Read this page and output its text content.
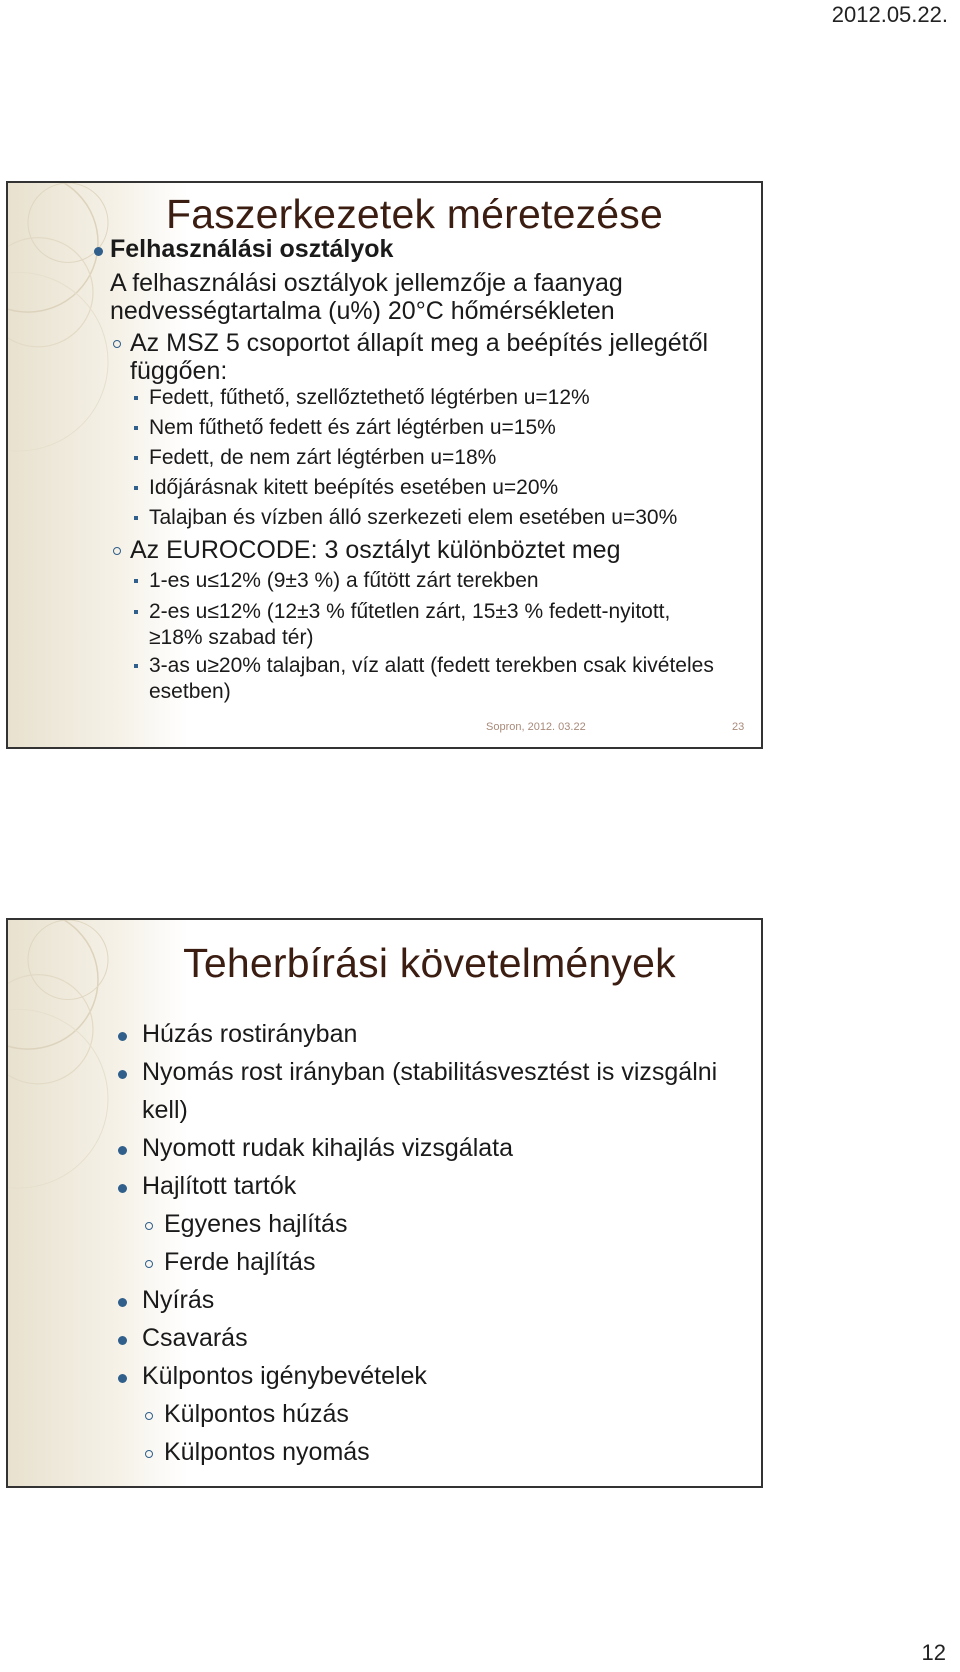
2012.05.22.
Faszerkezetek méretezése
Felhasználási osztályok
A felhasználási osztályok jellemzője a faanyag
nedvességtartalma (u%) 20°C hőmérsékleten
Az MSZ 5 csoportot állapít meg a beépítés jellegétől
függően:
Fedett, fűthető, szellőztethető légtérben u=12%
Nem fűthető fedett és zárt légtérben u=15%
Fedett, de nem zárt légtérben u=18%
Időjárásnak kitett beépítés esetében u=20%
Talajban és vízben álló szerkezeti elem esetében u=30%
Az EUROCODE: 3 osztályt különböztet meg
1-es u≤12% (9±3 %) a fűtött zárt terekben
2-es u≤12% (12±3 % fűtetlen zárt, 15±3 % fedett-nyitott,
≥18% szabad tér)
3-as u≥20% talajban, víz alatt (fedett terekben csak kivételes
esetben)
Sopron, 2012. 03.22	23
Teherbírási követelmények
Húzás rostirányban
Nyomás rost irányban (stabilitásvesztést is vizsgálni
kell)
Nyomott rudak kihajlás vizsgálata
Hajlított tartók
Egyenes hajlítás
Ferde hajlítás
Nyírás
Csavarás
Külpontos igénybevételek
Külpontos húzás
Külpontos nyomás
12
